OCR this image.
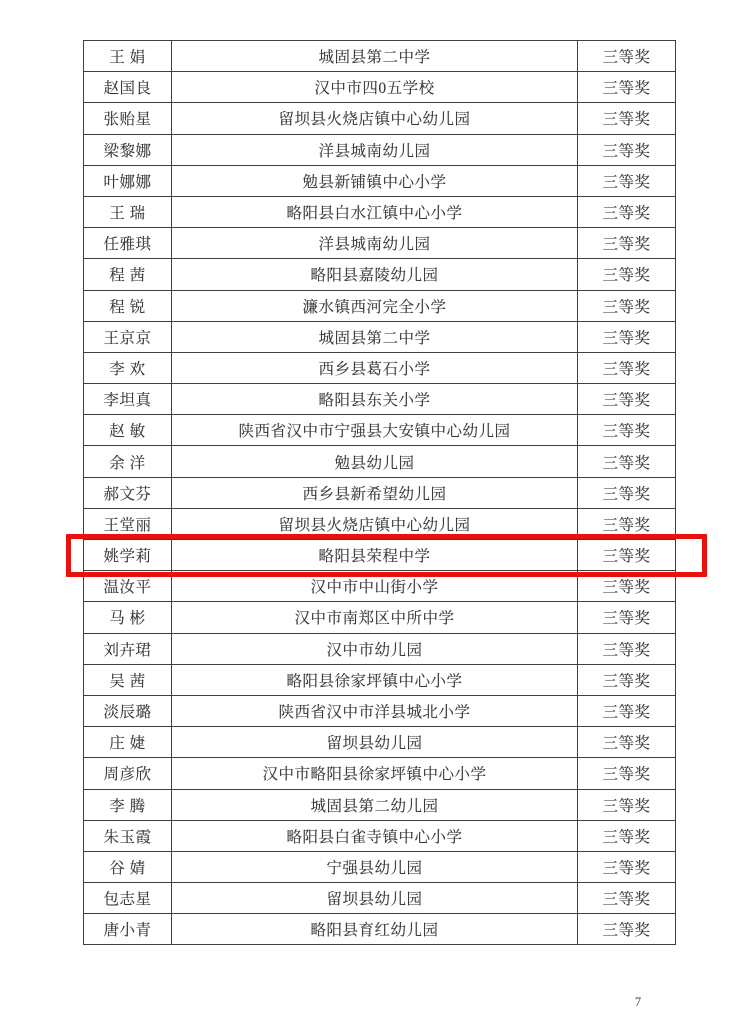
王 娟	城固县第二中学	三等奖
赵国良	汉中市四0五学校	三等奖
张贻星	留坝县火烧店镇中心幼儿园	三等奖
梁黎娜	洋县城南幼儿园	三等奖
叶娜娜	勉县新铺镇中心小学	三等奖
王 瑞	略阳县白水江镇中心小学	三等奖
任雅琪	洋县城南幼儿园	三等奖
程 茜	略阳县嘉陵幼儿园	三等奖
程 锐	濂水镇西河完全小学	三等奖
王京京	城固县第二中学	三等奖
李 欢	西乡县葛石小学	三等奖
李坦真	略阳县东关小学	三等奖
赵 敏	陕西省汉中市宁强县大安镇中心幼儿园	三等奖
余 洋	勉县幼儿园	三等奖
郝文芬	西乡县新希望幼儿园	三等奖
王堂丽	留坝县火烧店镇中心幼儿园	三等奖
姚学莉	略阳县荣程中学	三等奖
温汝平	汉中市中山街小学	三等奖
马 彬	汉中市南郑区中所中学	三等奖
刘卉珺	汉中市幼儿园	三等奖
吴 茜	略阳县徐家坪镇中心小学	三等奖
淡辰璐	陕西省汉中市洋县城北小学	三等奖
庄 婕	留坝县幼儿园	三等奖
周彦欣	汉中市略阳县徐家坪镇中心小学	三等奖
李 腾	城固县第二幼儿园	三等奖
朱玉霞	略阳县白雀寺镇中心小学	三等奖
谷 婧	宁强县幼儿园	三等奖
包志星	留坝县幼儿园	三等奖
唐小青	略阳县育红幼儿园	三等奖
7
